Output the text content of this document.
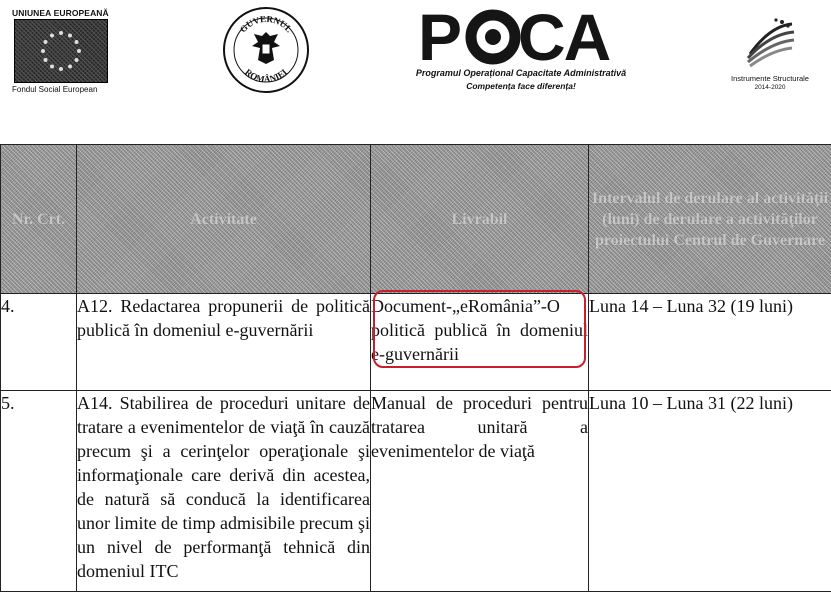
UNIUNEA EUROPEANĂ
Fondul Social European
GUVERNUL
ROMÂNIEI P CA
Programul Operațional Capacitate Administrativă
Competența face diferența!
Instrumente Structurale
2014-2020
Nr. Crt.	Activitate	Livrabil	Intervalul de derulare al activităţii (luni) de derulare a activităţilor proiectului Centrul de Guvernare
4.	A12. Redactarea propunerii de politică publică în domeniul e-guvernării	Document-„eRomânia”-O politică publică în domeniul e-guvernării	Luna 14 – Luna 32 (19 luni)
5.	A14. Stabilirea de proceduri unitare de tratare a evenimentelor de viaţă în cauză precum şi a cerinţelor operaţionale şi informaţionale care derivă din acestea, de natură să conducă la identificarea unor limite de timp admisibile precum şi un nivel de performanţă tehnică din domeniul ITC	Manual de proceduri pentru tratarea unitară a evenimentelor de viaţă	Luna 10 – Luna 31 (22 luni)
